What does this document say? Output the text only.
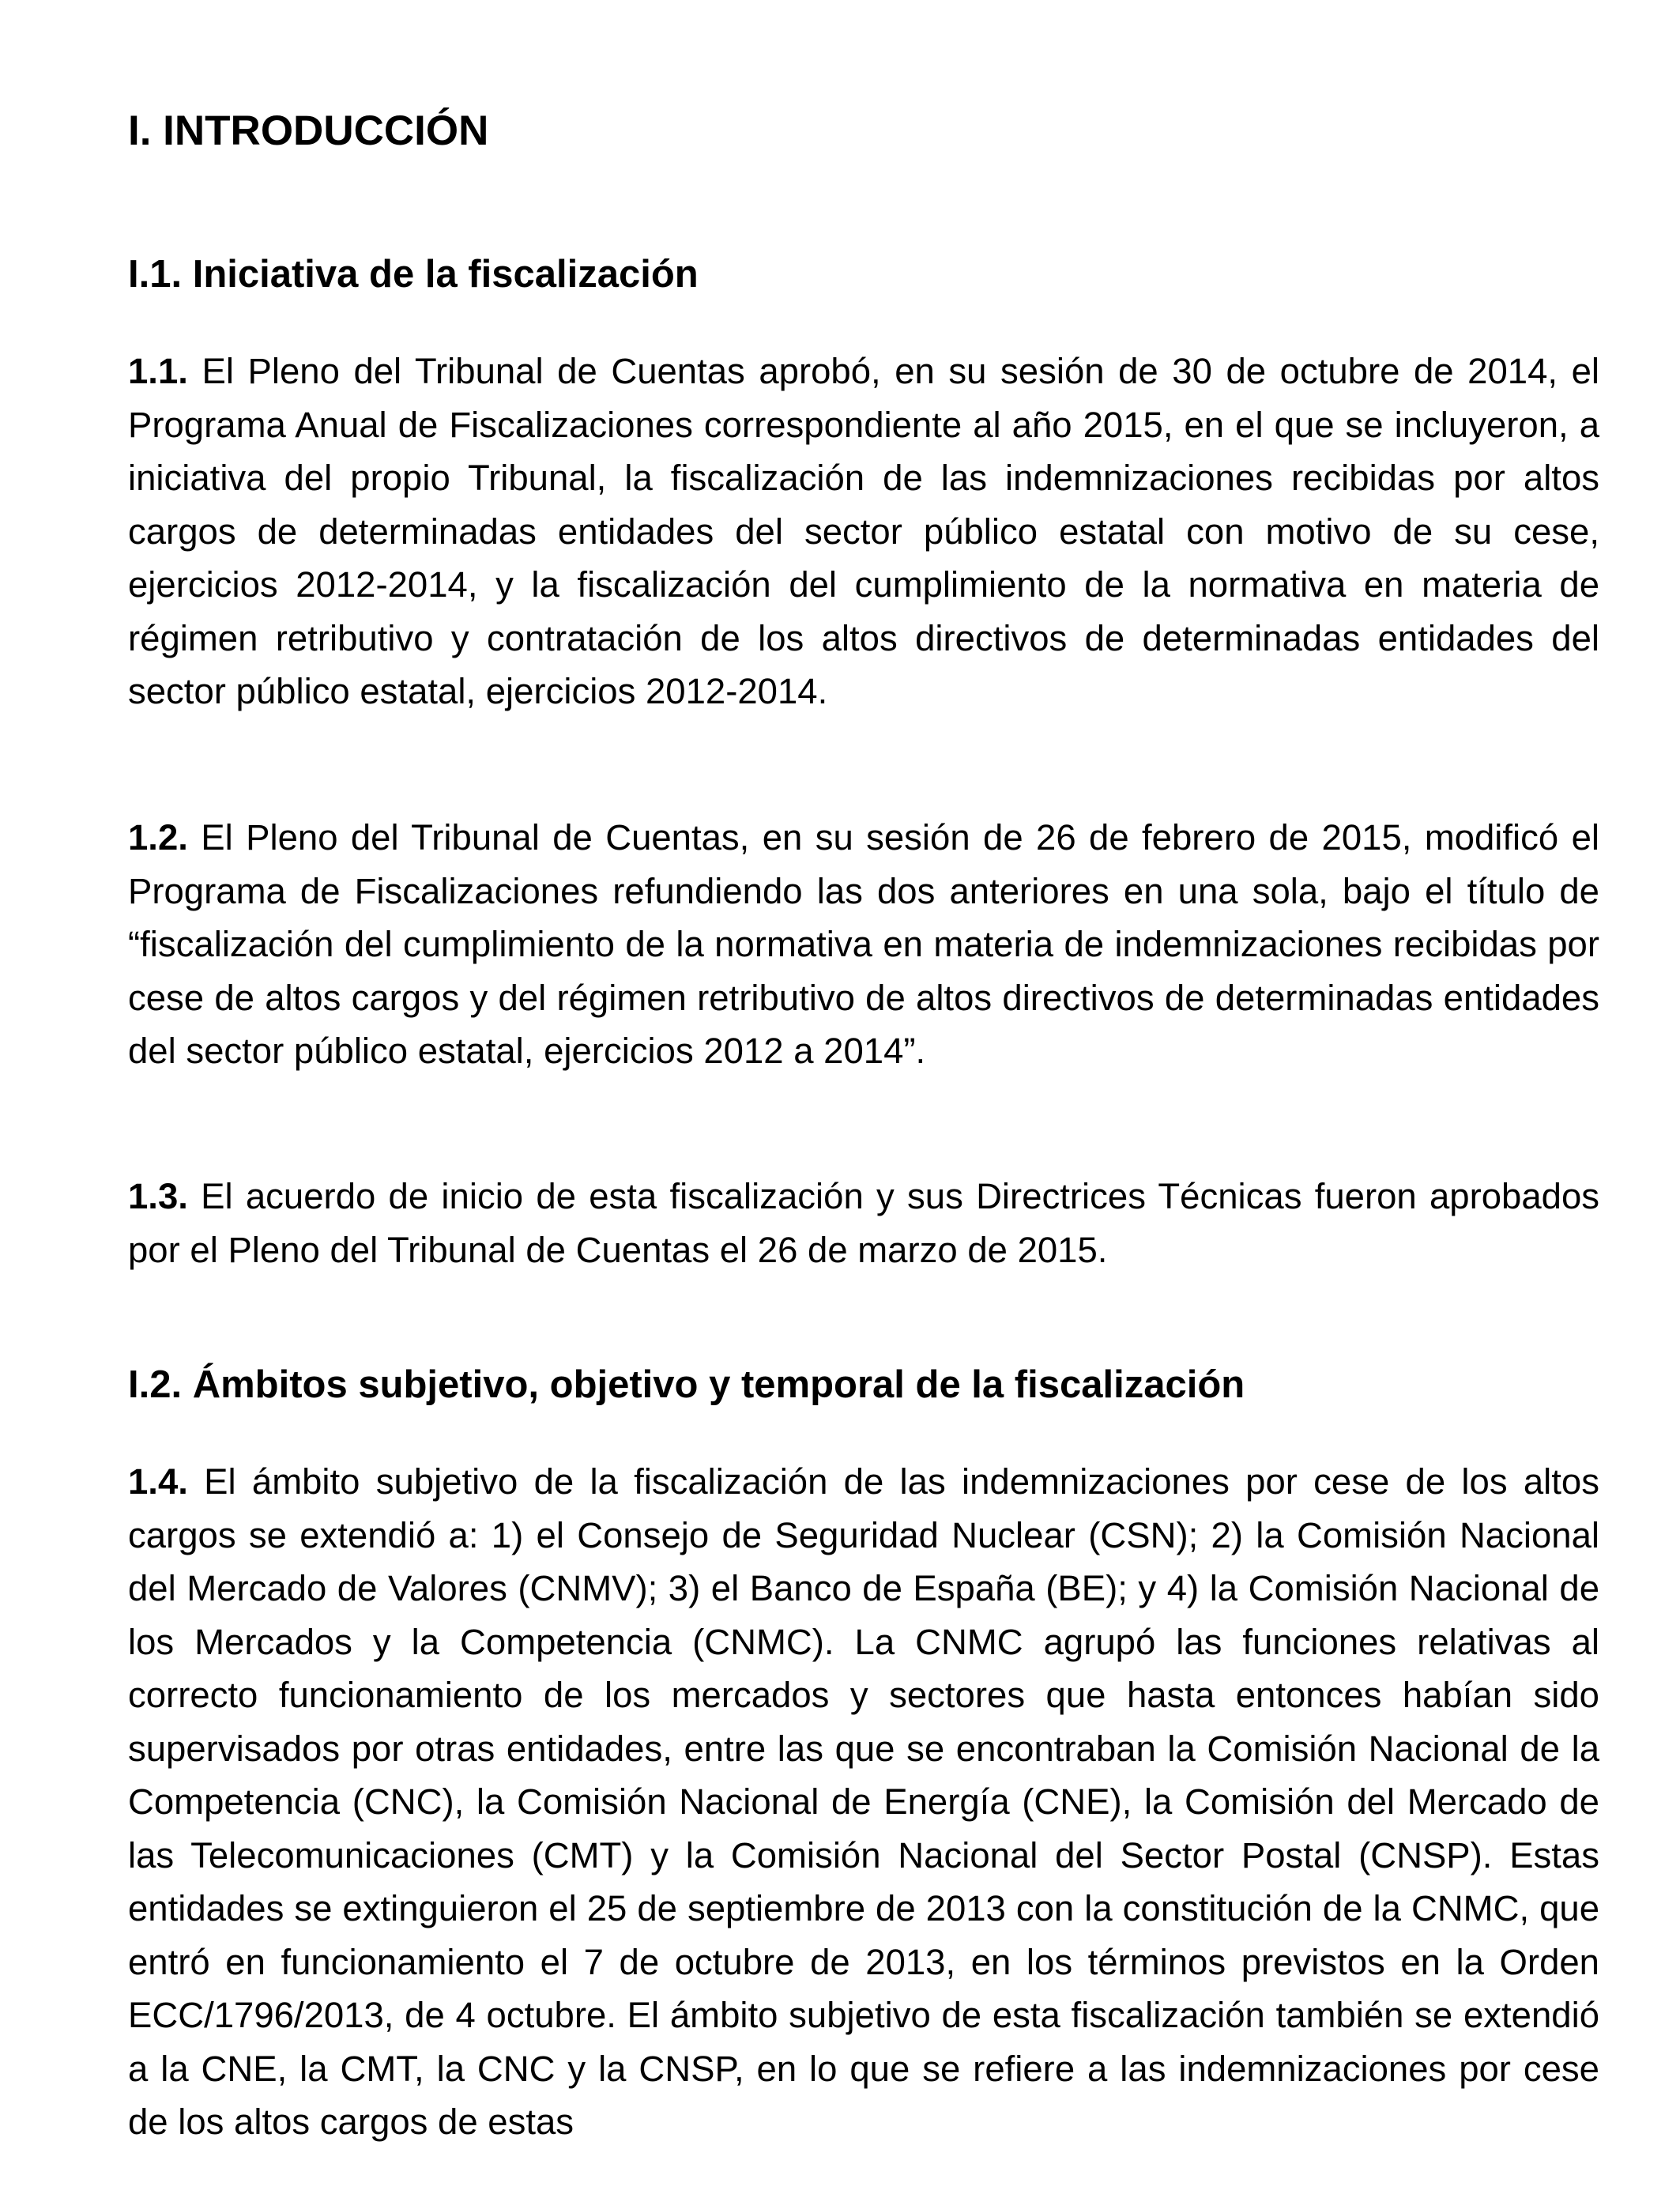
I. INTRODUCCIÓN
I.1. Iniciativa de la fiscalización

1.1. El Pleno del Tribunal de Cuentas aprobó, en su sesión de 30 de octubre de 2014, el Programa Anual de Fiscalizaciones correspondiente al año 2015, en el que se incluyeron, a iniciativa del propio Tribunal, la fiscalización de las indemnizaciones recibidas por altos cargos de determinadas entidades del sector público estatal con motivo de su cese, ejercicios 2012-2014, y la fiscalización del cumplimiento de la normativa en materia de régimen retributivo y contratación de los altos directivos de determinadas entidades del sector público estatal, ejercicios 2012-2014.

1.2. El Pleno del Tribunal de Cuentas, en su sesión de 26 de febrero de 2015, modificó el Programa de Fiscalizaciones refundiendo las dos anteriores en una sola, bajo el título de “fiscalización del cumplimiento de la normativa en materia de indemnizaciones recibidas por cese de altos cargos y del régimen retributivo de altos directivos de determinadas entidades del sector público estatal, ejercicios 2012 a 2014”.

1.3. El acuerdo de inicio de esta fiscalización y sus Directrices Técnicas fueron aprobados por el Pleno del Tribunal de Cuentas el 26 de marzo de 2015.

I.2. Ámbitos subjetivo, objetivo y temporal de la fiscalización

1.4. El ámbito subjetivo de la fiscalización de las indemnizaciones por cese de los altos cargos se extendió a: 1) el Consejo de Seguridad Nuclear (CSN); 2) la Comisión Nacional del Mercado de Valores (CNMV); 3) el Banco de España (BE); y 4) la Comisión Nacional de los Mercados y la Competencia (CNMC). La CNMC agrupó las funciones relativas al correcto funcionamiento de los mercados y sectores que hasta entonces habían sido supervisados por otras entidades, entre las que se encontraban la Comisión Nacional de la Competencia (CNC), la Comisión Nacional de Energía (CNE), la Comisión del Mercado de las Telecomunicaciones (CMT) y la Comisión Nacional del Sector Postal (CNSP). Estas entidades se extinguieron el 25 de septiembre de 2013 con la constitución de la CNMC, que entró en funcionamiento el 7 de octubre de 2013, en los términos previstos en la Orden ECC/1796/2013, de 4 octubre. El ámbito subjetivo de esta fiscalización también se extendió a la CNE, la CMT, la CNC y la CNSP, en lo que se refiere a las indemnizaciones por cese de los altos cargos de estas
